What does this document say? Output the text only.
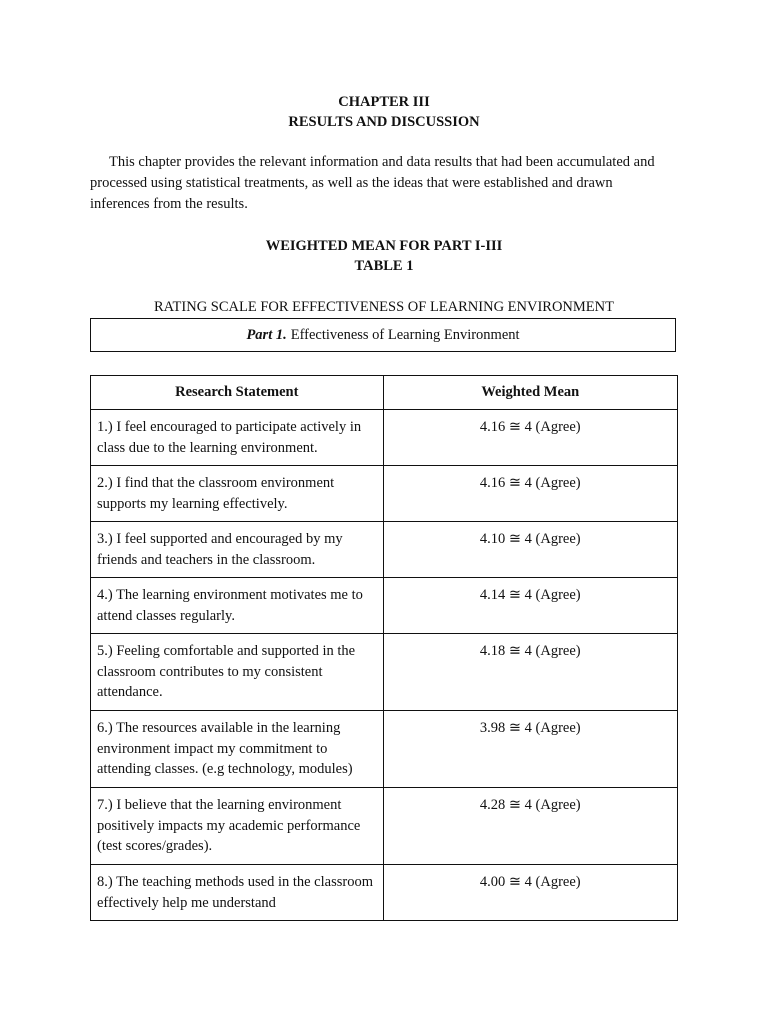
CHAPTER III
RESULTS AND DISCUSSION
This chapter provides the relevant information and data results that had been accumulated and
processed using statistical treatments, as well as the ideas that were established and drawn
inferences from the results.
WEIGHTED MEAN FOR PART I-III
TABLE 1
RATING SCALE FOR EFFECTIVENESS OF LEARNING ENVIRONMENT
Part 1. Effectiveness of Learning Environment
Research Statement	Weighted Mean
1.) I feel encouraged to participate actively in class due to the learning environment.	4.16 ≅ 4 (Agree)
2.) I find that the classroom environment supports my learning effectively.	4.16 ≅ 4 (Agree)
3.) I feel supported and encouraged by my friends and teachers in the classroom.	4.10 ≅ 4 (Agree)
4.) The learning environment motivates me to attend classes regularly.	4.14 ≅ 4 (Agree)
5.) Feeling comfortable and supported in the classroom contributes to my consistent attendance.	4.18 ≅ 4 (Agree)
6.) The resources available in the learning environment impact my commitment to attending classes. (e.g technology, modules)	3.98 ≅ 4 (Agree)
7.) I believe that the learning environment positively impacts my academic performance (test scores/grades).	4.28 ≅ 4 (Agree)
8.) The teaching methods used in the classroom effectively help me understand	4.00 ≅ 4 (Agree)
